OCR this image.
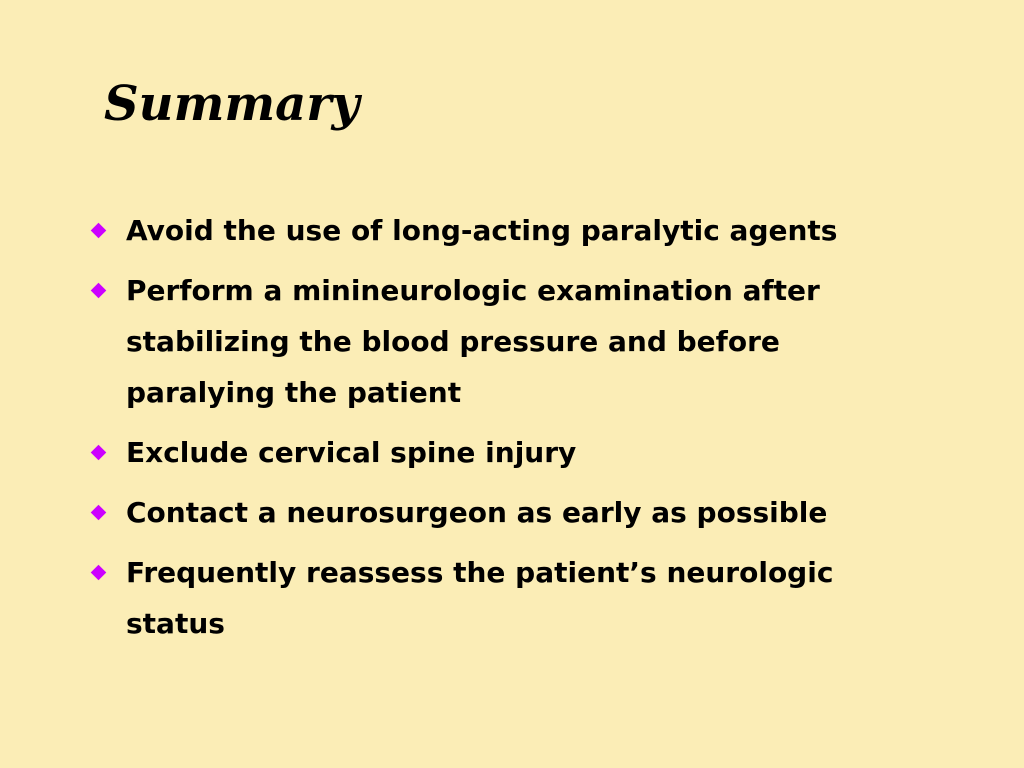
Summary
Avoid the use of long-acting paralytic agents
Perform a minineurologic examination after stabilizing the blood pressure and before paralying the patient
Exclude cervical spine injury
Contact a neurosurgeon as early as possible
Frequently reassess the patient’s neurologic status
